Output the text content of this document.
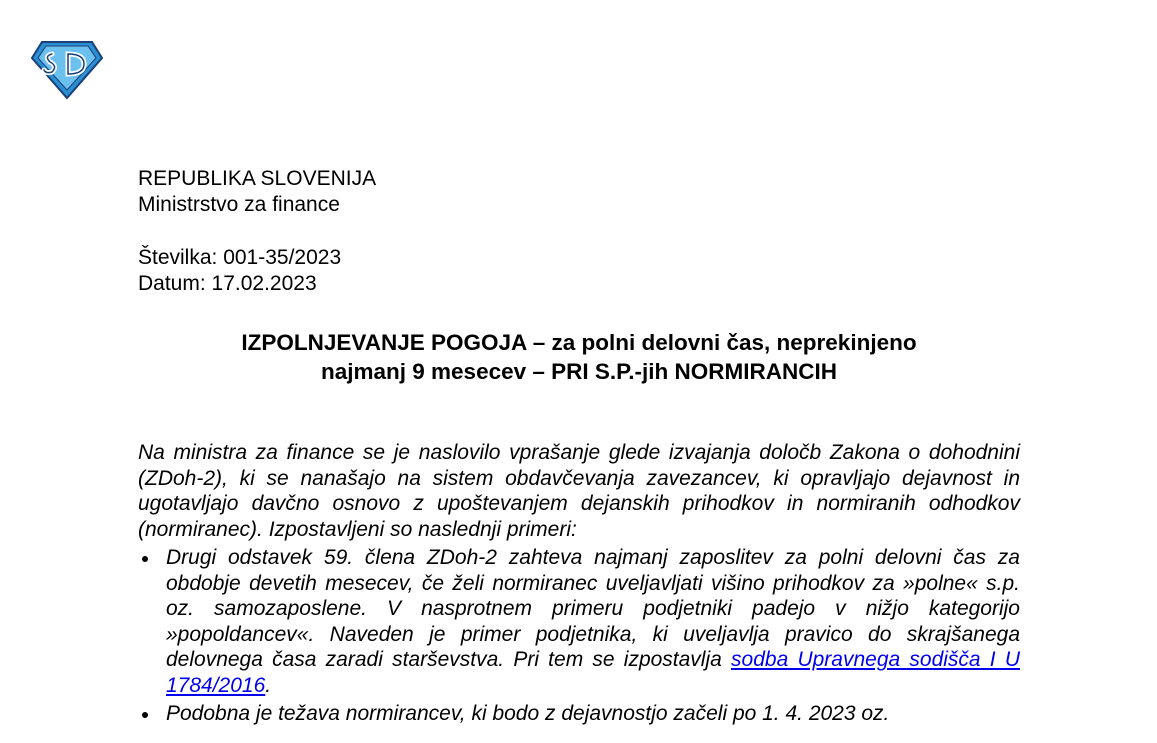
REPUBLIKA SLOVENIJA
Ministrstvo za finance
Številka: 001-35/2023
Datum: 17.02.2023
IZPOLNJEVANJE POGOJA – za polni delovni čas, neprekinjeno
najmanj 9 mesecev – PRI S.P.-jih NORMIRANCIH

Na ministra za finance se je naslovilo vprašanje glede izvajanja določb Zakona o dohodnini (ZDoh-2), ki se nanašajo na sistem obdavčevanja zavezancev, ki opravljajo dejavnost in ugotavljajo davčno osnovo z upoštevanjem dejanskih prihodkov in normiranih odhodkov (normiranec). Izpostavljeni so naslednji primeri:

Drugi odstavek 59. člena ZDoh-2 zahteva najmanj zaposlitev za polni delovni čas za obdobje devetih mesecev, če želi normiranec uveljavljati višino prihodkov za »polne« s.p. oz. samozaposlene. V nasprotnem primeru podjetniki padejo v nižjo kategorijo »popoldancev«. Naveden je primer podjetnika, ki uveljavlja pravico do skrajšanega delovnega časa zaradi starševstva. Pri tem se izpostavlja sodba Upravnega sodišča I U 1784/2016.
Podobna je težava normirancev, ki bodo z dejavnostjo začeli po 1. 4. 2023 oz.
